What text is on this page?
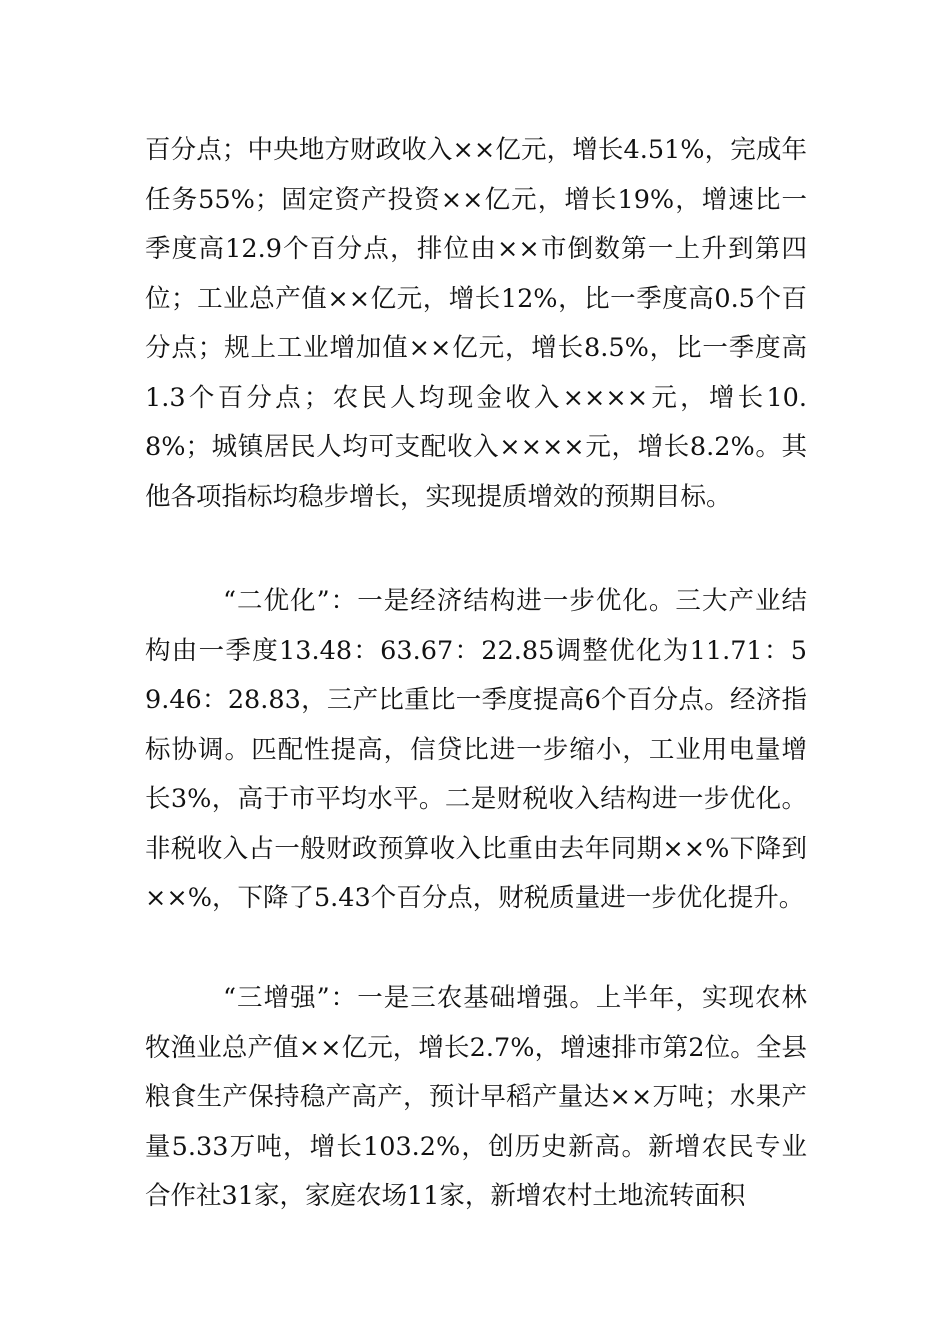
百分点；中央地方财政收入××亿元，增长4.51%，完成年任务55%；固定资产投资××亿元，增长19%，增速比一季度高12.9个百分点，排位由××市倒数第一上升到第四位；工业总产值××亿元，增长12%，比一季度高0.5个百分点；规上工业增加值××亿元，增长8.5%，比一季度高1.3个百分点；农民人均现金收入××××元，增长10.8%；城镇居民人均可支配收入××××元，增长8.2%。其他各项指标均稳步增长，实现提质增效的预期目标。

“二优化”：一是经济结构进一步优化。三大产业结构由一季度13.48：63.67：22.85调整优化为11.71：59.46：28.83，三产比重比一季度提高6个百分点。经济指标协调。匹配性提高，信贷比进一步缩小，工业用电量增长3%，高于市平均水平。二是财税收入结构进一步优化。非税收入占一般财政预算收入比重由去年同期××%下降到××%，下降了5.43个百分点，财税质量进一步优化提升。

“三增强”：一是三农基础增强。上半年，实现农林牧渔业总产值××亿元，增长2.7%，增速排市第2位。全县粮食生产保持稳产高产，预计早稻产量达××万吨；水果产量5.33万吨，增长103.2%，创历史新高。新增农民专业合作社31家，家庭农场11家，新增农村土地流转面积
